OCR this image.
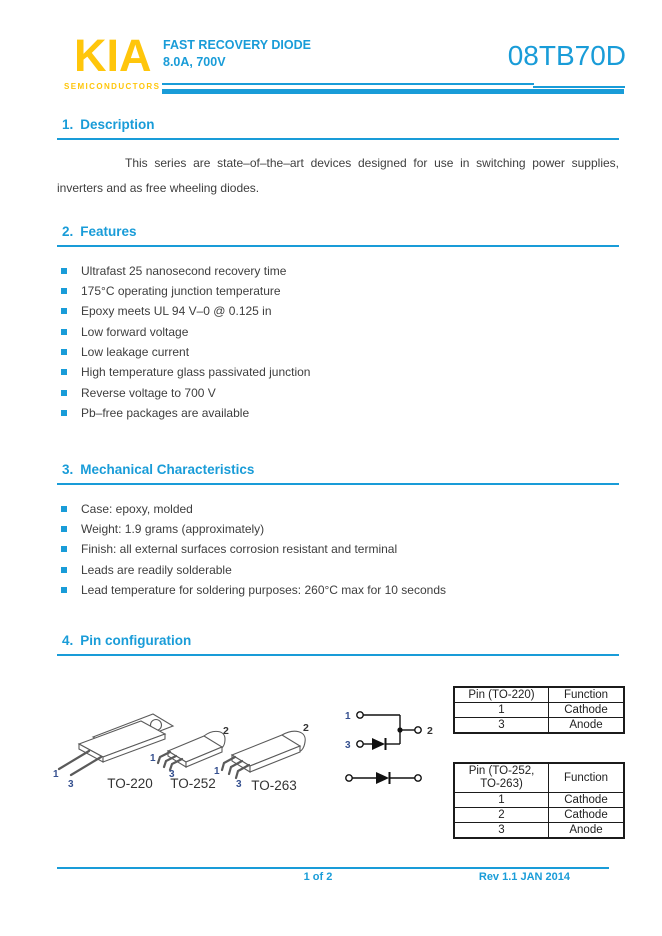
KIA
SEMICONDUCTORS
FAST RECOVERY DIODE
8.0A, 700V	08TB70D
1. Description
This series are state–of–the–art devices designed for use in switching power supplies, inverters and as free wheeling diodes.
2. Features
Ultrafast 25 nanosecond recovery time
175°C operating junction temperature
Epoxy meets UL 94 V–0 @ 0.125 in
Low forward voltage
Low leakage current
High temperature glass passivated junction
Reverse voltage to 700 V
Pb–free packages are available
3. Mechanical Characteristics
Case: epoxy, molded
Weight: 1.9 grams (approximately)
Finish: all external surfaces corrosion resistant and terminal
Leads are readily solderable
Lead temperature for soldering purposes: 260°C max for 10 seconds
4. Pin configuration
1
3 TO-220
1
3
2
TO-252
1
3
2
TO-263
1
2
3
Pin (TO-220)	Function
1	Cathode
3	Anode
Pin (TO-252,
TO-263)	Function
1	Cathode
2	Cathode
3	Anode
1 of 2	Rev 1.1 JAN 2014
